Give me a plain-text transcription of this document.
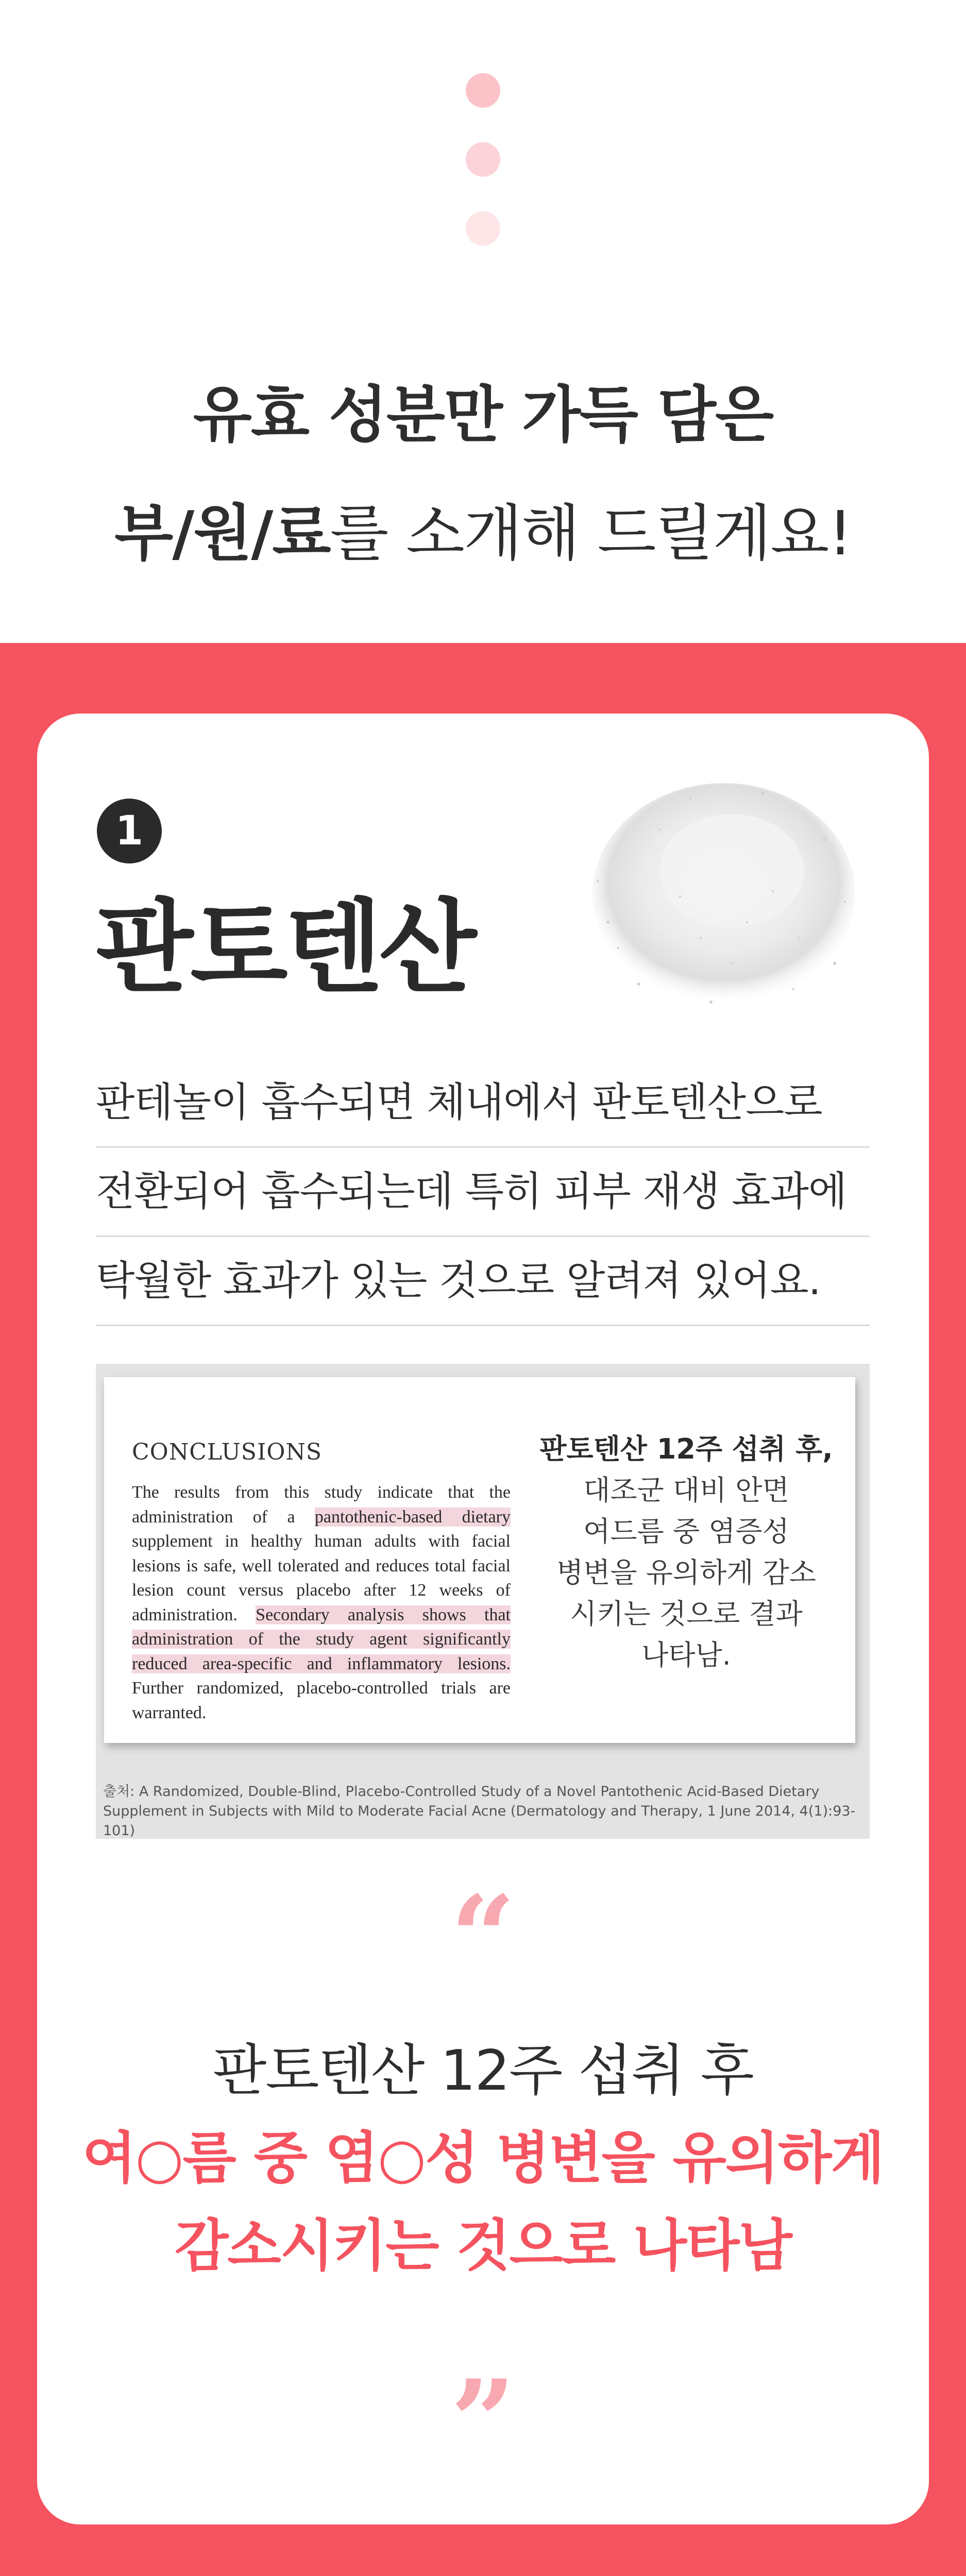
유효 성분만 가득 담은
부/원/료를 소개해 드릴게요!
1
판토텐산
판테놀이 흡수되면 체내에서 판토텐산으로
전환되어 흡수되는데 특히 피부 재생 효과에
탁월한 효과가 있는 것으로 알려져 있어요.
CONCLUSIONS
The results from this study indicate that the administration of a pantothenic-based dietary supplement in healthy human adults with facial lesions is safe, well tolerated and reduces total facial lesion count versus placebo after 12 weeks of administration. Secondary analysis shows that administration of the study agent significantly reduced area-specific and inflammatory lesions. Further randomized, placebo-controlled trials are warranted.
판토텐산 12주 섭취 후,
대조군 대비 안면
여드름 중 염증성
병변을 유의하게 감소
시키는 것으로 결과
나타남.
출처: A Randomized, Double-Blind, Placebo-Controlled Study of a Novel Pantothenic Acid-Based Dietary
Supplement in Subjects with Mild to Moderate Facial Acne (Dermatology and Therapy, 1 June 2014, 4(1):93-101)
“
판토텐산 12주 섭취 후
여○름 중 염○성 병변을 유의하게
감소시키는 것으로 나타남
”
